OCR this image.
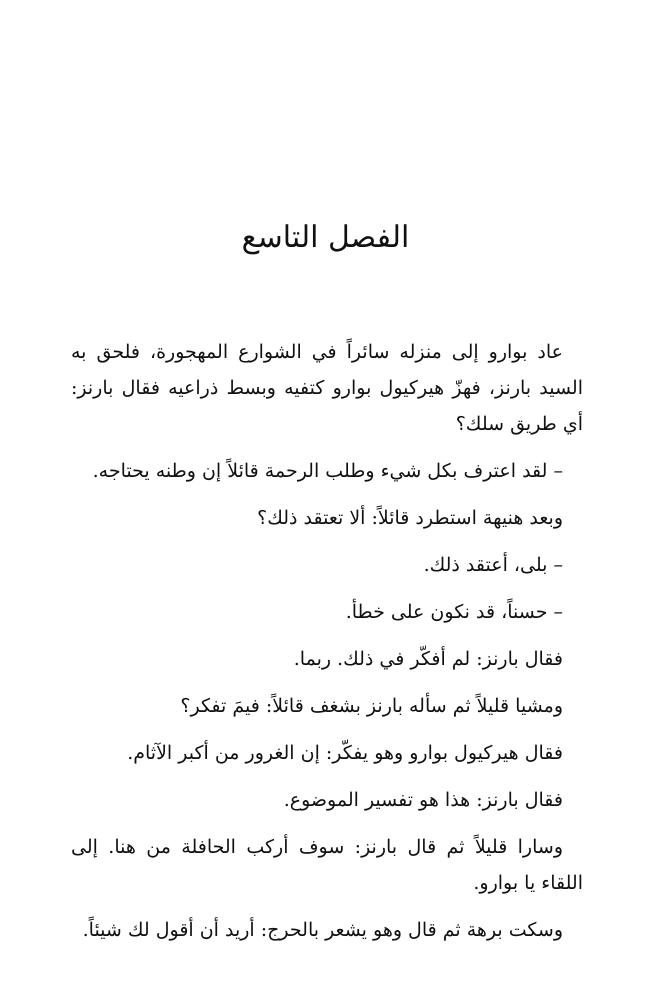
الفصل التاسع

عاد بوارو إلى منزله سائراً في الشوارع المهجورة، فلحق به السيد بارنز، فهزّ هيركيول بوارو كتفيه وبسط ذراعيه فقال بارنز: أي طريق سلك؟

– لقد اعترف بكل شيء وطلب الرحمة قائلاً إن وطنه يحتاجه.

وبعد هنيهة استطرد قائلاً: ألا تعتقد ذلك؟

– بلى، أعتقد ذلك.

– حسناً، قد نكون على خطأ.

فقال بارنز: لم أفكّر في ذلك. ربما.

ومشيا قليلاً ثم سأله بارنز بشغف قائلاً: فيمَ تفكر؟

فقال هيركيول بوارو وهو يفكّر: إن الغرور من أكبر الآثام.

فقال بارنز: هذا هو تفسير الموضوع.

وسارا قليلاً ثم قال بارنز: سوف أركب الحافلة من هنا. إلى اللقاء يا بوارو.

وسكت برهة ثم قال وهو يشعر بالحرج: أريد أن أقول لك شيئاً.
